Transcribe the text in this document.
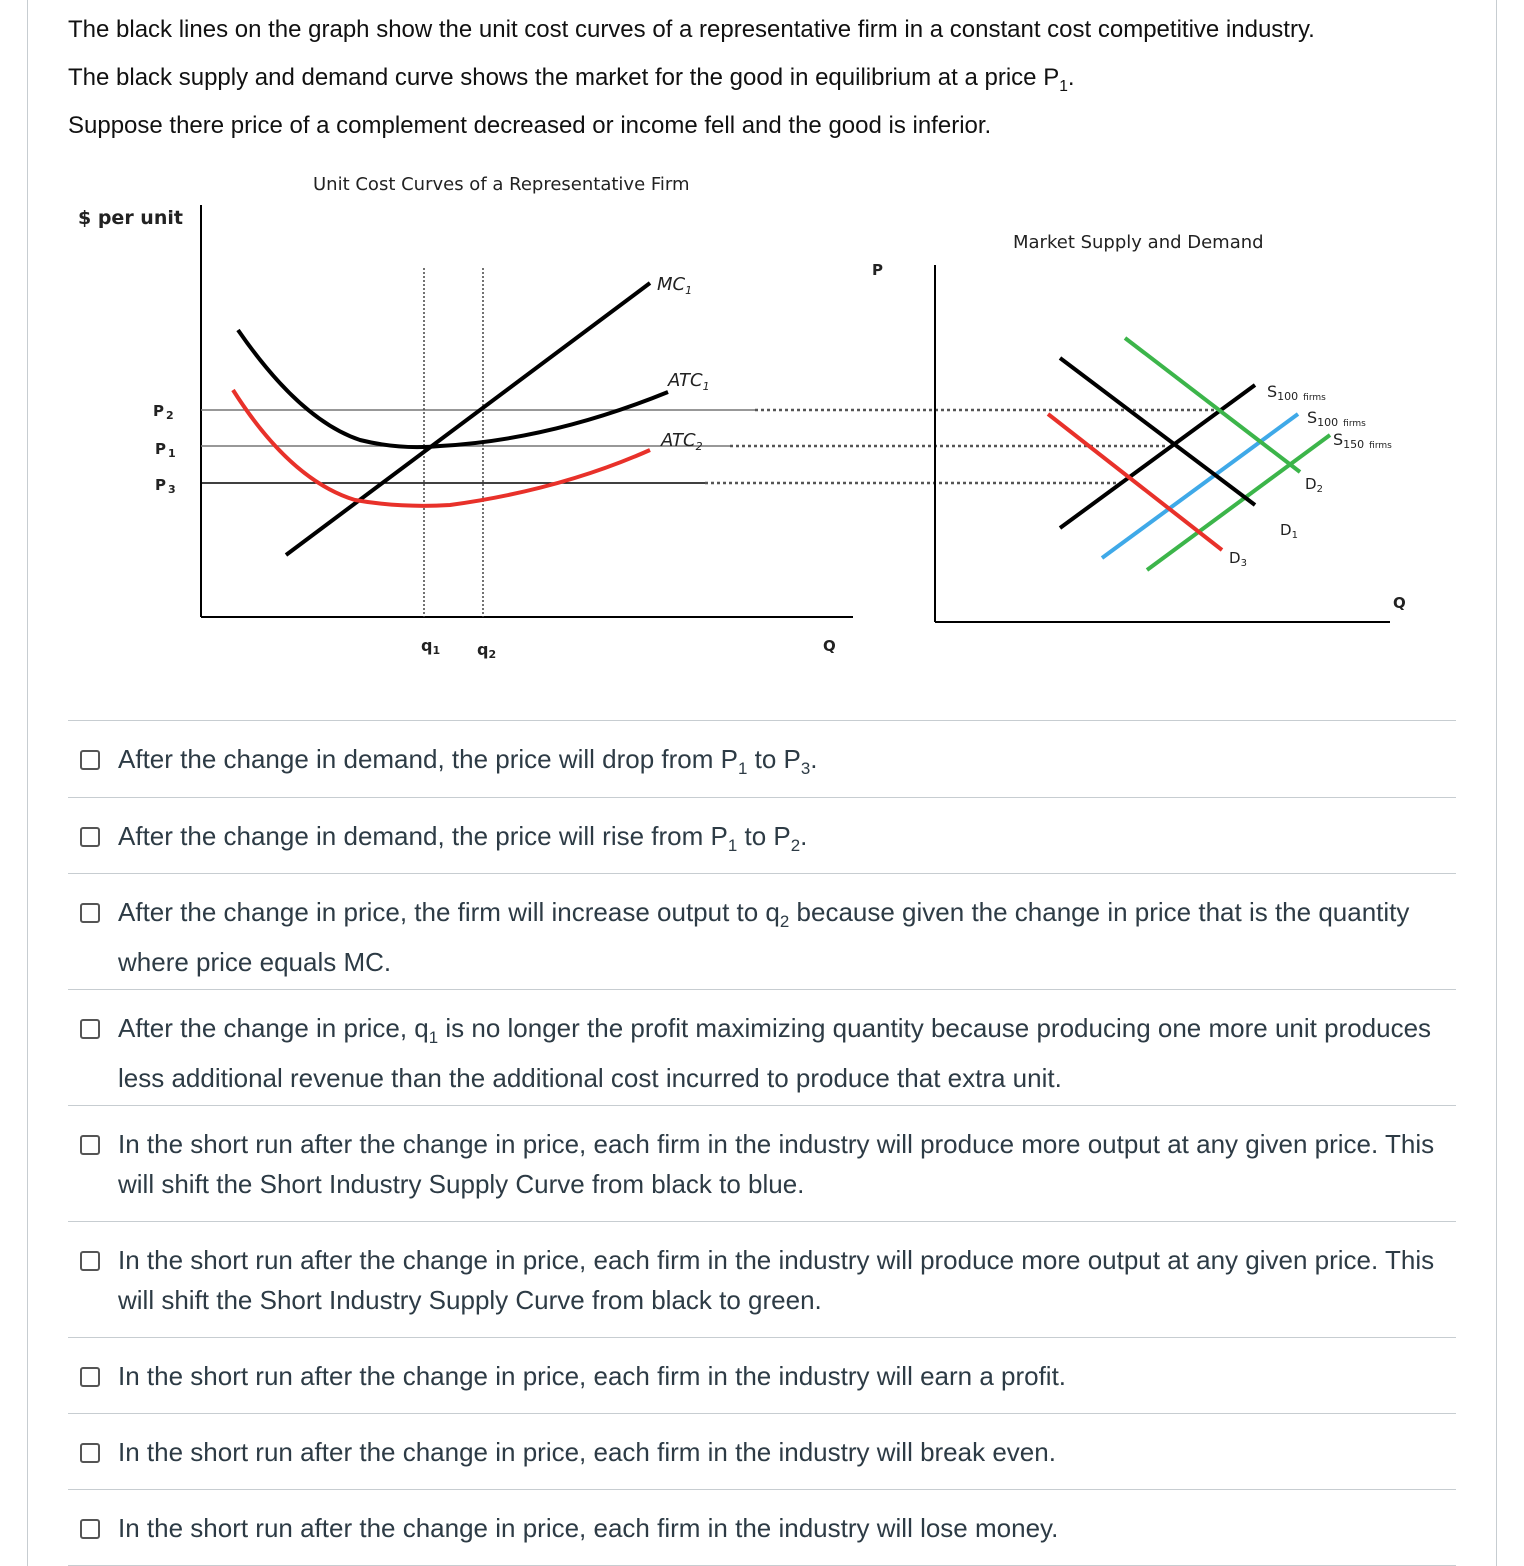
The black lines on the graph show the unit cost curves of a representative firm in a constant cost competitive industry.
The black supply and demand curve shows the market for the good in equilibrium at a price $P_1$.
Suppose there price of a complement decreased or income fell and the good is inferior.
Unit Cost Curves of a Representative Firm
$ per unit
P $_2$
P $_1$
P $_3$
q1 q2	Q
$MC_1$
$ATC_1$
$ATC_2$
Market Supply and Demand
P
Q
S100 firms
S100 firms
S150 firms
$D_1$
$D_2$
$D_3$
After the change in demand, the price will drop from $P_1$ to $P_3$.
After the change in demand, the price will rise from $P_1$ to $P_2$.
After the change in price, the firm will increase output to $q_2$ because given the change in price that is the quantity where price equals MC.
After the change in price, $q_1$ is no longer the profit maximizing quantity because producing one more unit produces less additional revenue than the additional cost incurred to produce that extra unit.
In the short run after the change in price, each firm in the industry will produce more output at any given price. This will shift the Short Industry Supply Curve from black to blue.
In the short run after the change in price, each firm in the industry will produce more output at any given price. This will shift the Short Industry Supply Curve from black to green.
In the short run after the change in price, each firm in the industry will earn a profit.
In the short run after the change in price, each firm in the industry will break even.
In the short run after the change in price, each firm in the industry will lose money.
